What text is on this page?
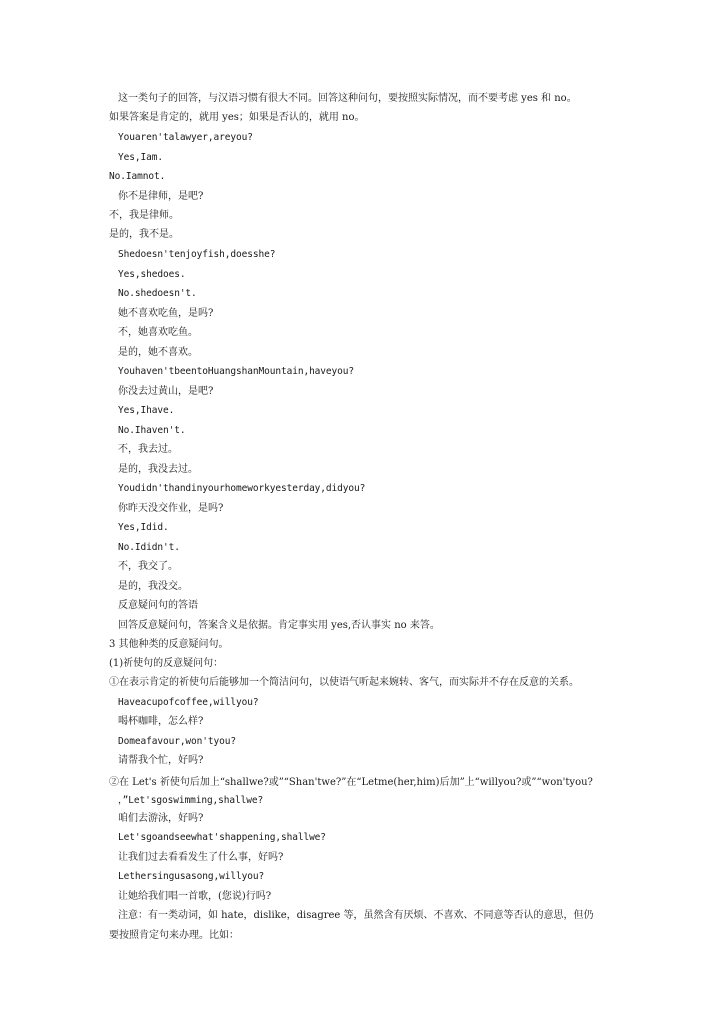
这一类句子的回答，与汉语习惯有很大不同。回答这种问句，要按照实际情况，而不要考虑 yes 和 no。
如果答案是肯定的，就用 yes；如果是否认的，就用 no。
Youaren'talawyer,areyou?
Yes,Iam.
No.Iamnot.
你不是律师，是吧?
不，我是律师。
是的，我不是。
Shedoesn'tenjoyfish,doesshe?
Yes,shedoes.
No.shedoesn't.
她不喜欢吃鱼，是吗?
不，她喜欢吃鱼。
是的，她不喜欢。
Youhaven'tbeentoHuangshanMountain,haveyou?
你没去过黄山，是吧?
Yes,Ihave.
No.Ihaven't.
不，我去过。
是的，我没去过。
Youdidn'thandinyourhomeworkyesterday,didyou?
你昨天没交作业，是吗?
Yes,Idid.
No.Ididn't.
不，我交了。
是的，我没交。
反意疑问句的答语
回答反意疑问句，答案含义是依据。肯定事实用 yes,否认事实 no 来答。
3 其他种类的反意疑问句。
(1)祈使句的反意疑问句：
①在表示肯定的祈使句后能够加一个简洁问句，以使语气听起来婉转、客气，而实际并不存在反意的关系。
Haveacupofcoffee,willyou?
喝杯咖啡，怎么样?
Domeafavour,won'tyou?
请帮我个忙，好吗?
②在 Let's 祈使句后加上“shallwe?或”“Shan'twe?”在“Letme(her,him)后加”上“willyou?或”“won'tyou?
，”Let'sgoswimming,shallwe?
咱们去游泳，好吗?
Let'sgoandseewhat'shappening,shallwe?
让我们过去看看发生了什么事，好吗?
Lethersingusasong,willyou?
让她给我们唱一首歌，(您说)行吗?
注意：有一类动词，如 hate，dislike，disagree 等，虽然含有厌烦、不喜欢、不同意等否认的意思，但仍
要按照肯定句来办理。比如：
